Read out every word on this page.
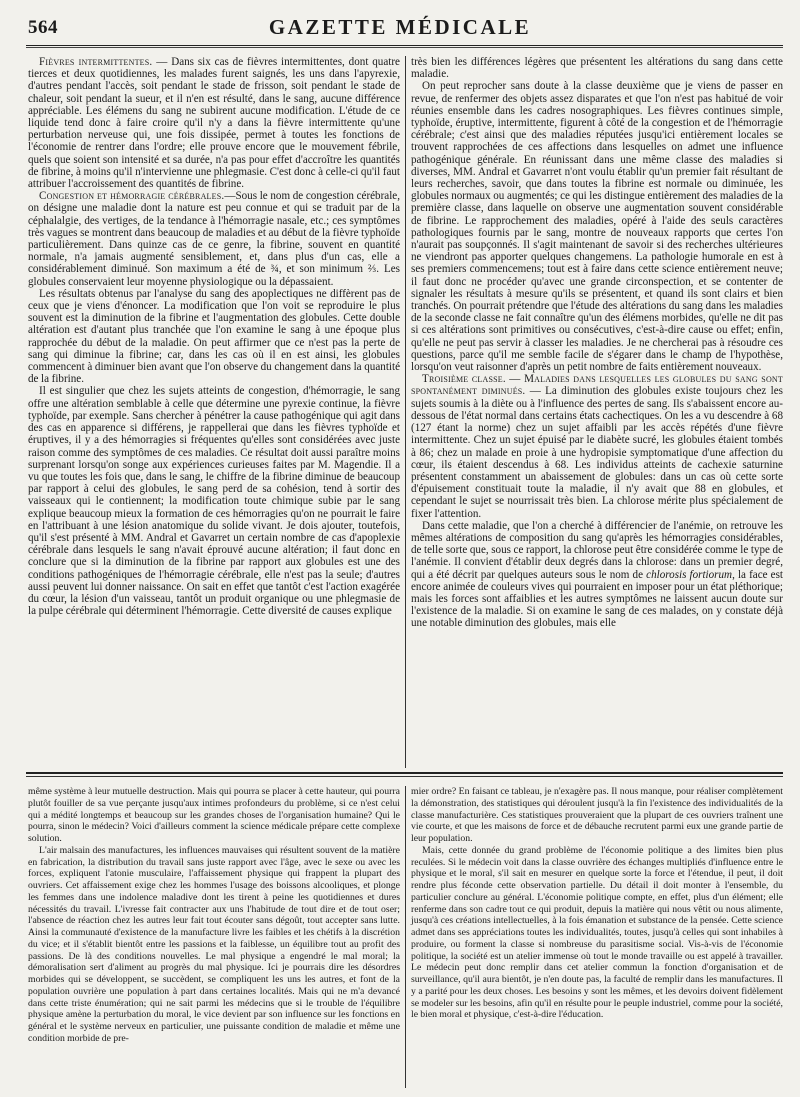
564	GAZETTE MÉDICALE

Fièvres intermittentes. — Dans six cas de fièvres intermittentes, dont quatre tierces et deux quotidiennes, les malades furent saignés, les uns dans l'apyrexie, d'autres pendant l'accès, soit pendant le stade de frisson, soit pendant le stade de chaleur, soit pendant la sueur, et il n'en est résulté, dans le sang, aucune différence appréciable. Les élémens du sang ne subirent aucune modification. L'étude de ce liquide tend donc à faire croire qu'il n'y a dans la fièvre intermittente qu'une perturbation nerveuse qui, une fois dissipée, permet à toutes les fonctions de l'économie de rentrer dans l'ordre; elle prouve encore que le mouvement fébrile, quels que soient son intensité et sa durée, n'a pas pour effet d'accroître les quantités de fibrine, à moins qu'il n'intervienne une phlegmasie. C'est donc à celle-ci qu'il faut attribuer l'accroissement des quantités de fibrine.

Congestion et hémorragie cérébrales.—Sous le nom de congestion cérébrale, on désigne une maladie dont la nature est peu connue et qui se traduit par de la céphalalgie, des vertiges, de la tendance à l'hémorragie nasale, etc.; ces symptômes très vagues se montrent dans beaucoup de maladies et au début de la fièvre typhoïde particulièrement. Dans quinze cas de ce genre, la fibrine, souvent en quantité normale, n'a jamais augmenté sensiblement, et, dans plus d'un cas, elle a considérablement diminué. Son maximum a été de ¾, et son minimum ⅔. Les globules conservaient leur moyenne physiologique ou la dépassaient.

Les résultats obtenus par l'analyse du sang des apoplectiques ne diffèrent pas de ceux que je viens d'énoncer. La modification que l'on voit se reproduire le plus souvent est la diminution de la fibrine et l'augmentation des globules. Cette double altération est d'autant plus tranchée que l'on examine le sang à une époque plus rapprochée du début de la maladie. On peut affirmer que ce n'est pas la perte de sang qui diminue la fibrine; car, dans les cas où il en est ainsi, les globules commencent à diminuer bien avant que l'on observe du changement dans la quantité de la fibrine.

Il est singulier que chez les sujets atteints de congestion, d'hémorragie, le sang offre une altération semblable à celle que détermine une pyrexie continue, la fièvre typhoïde, par exemple. Sans chercher à pénétrer la cause pathogénique qui agit dans des cas en apparence si différens, je rappellerai que dans les fièvres typhoïde et éruptives, il y a des hémorragies si fréquentes qu'elles sont considérées avec juste raison comme des symptômes de ces maladies. Ce résultat doit aussi paraître moins surprenant lorsqu'on songe aux expériences curieuses faites par M. Magendie. Il a vu que toutes les fois que, dans le sang, le chiffre de la fibrine diminue de beaucoup par rapport à celui des globules, le sang perd de sa cohésion, tend à sortir des vaisseaux qui le contiennent; la modification toute chimique subie par le sang explique beaucoup mieux la formation de ces hémorragies qu'on ne pourrait le faire en l'attribuant à une lésion anatomique du solide vivant. Je dois ajouter, toutefois, qu'il s'est présenté à MM. Andral et Gavarret un certain nombre de cas d'apoplexie cérébrale dans lesquels le sang n'avait éprouvé aucune altération; il faut donc en conclure que si la diminution de la fibrine par rapport aux globules est une des conditions pathogéniques de l'hémorragie cérébrale, elle n'est pas la seule; d'autres aussi peuvent lui donner naissance. On sait en effet que tantôt c'est l'action exagérée du cœur, la lésion d'un vaisseau, tantôt un produit organique ou une phlegmasie de la pulpe cérébrale qui déterminent l'hémorragie. Cette diversité de causes explique

très bien les différences légères que présentent les altérations du sang dans cette maladie.

On peut reprocher sans doute à la classe deuxième que je viens de passer en revue, de renfermer des objets assez disparates et que l'on n'est pas habitué de voir réunies ensemble dans les cadres nosographiques. Les fièvres continues simple, typhoïde, éruptive, intermittente, figurent à côté de la congestion et de l'hémorragie cérébrale; c'est ainsi que des maladies réputées jusqu'ici entièrement locales se trouvent rapprochées de ces affections dans lesquelles on admet une influence pathogénique générale. En réunissant dans une même classe des maladies si diverses, MM. Andral et Gavarret n'ont voulu établir qu'un premier fait résultant de leurs recherches, savoir, que dans toutes la fibrine est normale ou diminuée, les globules normaux ou augmentés; ce qui les distingue entièrement des maladies de la première classe, dans laquelle on observe une augmentation souvent considérable de fibrine. Le rapprochement des maladies, opéré à l'aide des seuls caractères pathologiques fournis par le sang, montre de nouveaux rapports que certes l'on n'aurait pas soupçonnés. Il s'agit maintenant de savoir si des recherches ultérieures ne viendront pas apporter quelques changemens. La pathologie humorale en est à ses premiers commencemens; tout est à faire dans cette science entièrement neuve; il faut donc ne procéder qu'avec une grande circonspection, et se contenter de signaler les résultats à mesure qu'ils se présentent, et quand ils sont clairs et bien tranchés. On pourrait prétendre que l'étude des altérations du sang dans les maladies de la seconde classe ne fait connaître qu'un des élémens morbides, qu'elle ne dit pas si ces altérations sont primitives ou consécutives, c'est-à-dire cause ou effet; enfin, qu'elle ne peut pas servir à classer les maladies. Je ne chercherai pas à résoudre ces questions, parce qu'il me semble facile de s'égarer dans le champ de l'hypothèse, lorsqu'on veut raisonner d'après un petit nombre de faits entièrement nouveaux.

Troisième classe. — Maladies dans lesquelles les globules du sang sont spontanément diminués. — La diminution des globules existe toujours chez les sujets soumis à la diète ou à l'influence des pertes de sang. Ils s'abaissent encore au-dessous de l'état normal dans certains états cachectiques. On les a vu descendre à 68 (127 étant la norme) chez un sujet affaibli par les accès répétés d'une fièvre intermittente. Chez un sujet épuisé par le diabète sucré, les globules étaient tombés à 86; chez un malade en proie à une hydropisie symptomatique d'une affection du cœur, ils étaient descendus à 68. Les individus atteints de cachexie saturnine présentent constamment un abaissement de globules: dans un cas où cette sorte d'épuisement constituait toute la maladie, il n'y avait que 88 en globules, et cependant le sujet se nourrissait très bien. La chlorose mérite plus spécialement de fixer l'attention.

Dans cette maladie, que l'on a cherché à différencier de l'anémie, on retrouve les mêmes altérations de composition du sang qu'après les hémorragies considérables, de telle sorte que, sous ce rapport, la chlorose peut être considérée comme le type de l'anémie. Il convient d'établir deux degrés dans la chlorose: dans un premier degré, qui a été décrit par quelques auteurs sous le nom de chlorosis fortiorum, la face est encore animée de couleurs vives qui pourraient en imposer pour un état pléthorique; mais les forces sont affaiblies et les autres symptômes ne laissent aucun doute sur l'existence de la maladie. Si on examine le sang de ces malades, on y constate déjà une notable diminution des globules, mais elle

même système à leur mutuelle destruction. Mais qui pourra se placer à cette hauteur, qui pourra plutôt fouiller de sa vue perçante jusqu'aux intimes profondeurs du problème, si ce n'est celui qui a médité longtemps et beaucoup sur les grandes choses de l'organisation humaine? Qui le pourra, sinon le médecin? Voici d'ailleurs comment la science médicale prépare cette complexe solution.

L'air malsain des manufactures, les influences mauvaises qui résultent souvent de la matière en fabrication, la distribution du travail sans juste rapport avec l'âge, avec le sexe ou avec les forces, expliquent l'atonie musculaire, l'affaissement physique qui frappent la plupart des ouvriers. Cet affaissement exige chez les hommes l'usage des boissons alcooliques, et plonge les femmes dans une indolence maladive dont les tirent à peine les quotidiennes et dures nécessités du travail. L'ivresse fait contracter aux uns l'habitude de tout dire et de tout oser; l'absence de réaction chez les autres leur fait tout écouter sans dégoût, tout accepter sans lutte. Ainsi la communauté d'existence de la manufacture livre les faibles et les chétifs à la discrétion du vice; et il s'établit bientôt entre les passions et la faiblesse, un équilibre tout au profit des passions. De là des conditions nouvelles. Le mal physique a engendré le mal moral; la démoralisation sert d'aliment au progrès du mal physique. Ici je pourrais dire les désordres morbides qui se développent, se succèdent, se compliquent les uns les autres, et font de la population ouvrière une population à part dans certaines localités. Mais qui ne m'a devancé dans cette triste énumération; qui ne sait parmi les médecins que si le trouble de l'équilibre physique amène la perturbation du moral, le vice devient par son influence sur les fonctions en général et le système nerveux en particulier, une puissante condition de maladie et même une condition morbide de pre-

mier ordre? En faisant ce tableau, je n'exagère pas. Il nous manque, pour réaliser complètement la démonstration, des statistiques qui déroulent jusqu'à la fin l'existence des individualités de la classe manufacturière. Ces statistiques prouveraient que la plupart de ces ouvriers traînent une vie courte, et que les maisons de force et de débauche recrutent parmi eux une grande partie de leur population.

Mais, cette donnée du grand problème de l'économie politique a des limites bien plus reculées. Si le médecin voit dans la classe ouvrière des échanges multipliés d'influence entre le physique et le moral, s'il sait en mesurer en quelque sorte la force et l'étendue, il peut, il doit rendre plus féconde cette observation partielle. Du détail il doit monter à l'ensemble, du particulier conclure au général. L'économie politique compte, en effet, plus d'un élément; elle renferme dans son cadre tout ce qui produit, depuis la matière qui nous vêtit ou nous alimente, jusqu'à ces créations intellectuelles, à la fois émanation et substance de la pensée. Cette science admet dans ses appréciations toutes les individualités, toutes, jusqu'à celles qui sont inhabiles à produire, ou forment la classe si nombreuse du parasitisme social. Vis-à-vis de l'économie politique, la société est un atelier immense où tout le monde travaille ou est appelé à travailler. Le médecin peut donc remplir dans cet atelier commun la fonction d'organisation et de surveillance, qu'il aura bientôt, je n'en doute pas, la faculté de remplir dans les manufactures. Il y a parité pour les deux choses. Les besoins y sont les mêmes, et les devoirs doivent fidèlement se modeler sur les besoins, afin qu'il en résulte pour le peuple industriel, comme pour la société, le bien moral et physique, c'est-à-dire l'éducation.
